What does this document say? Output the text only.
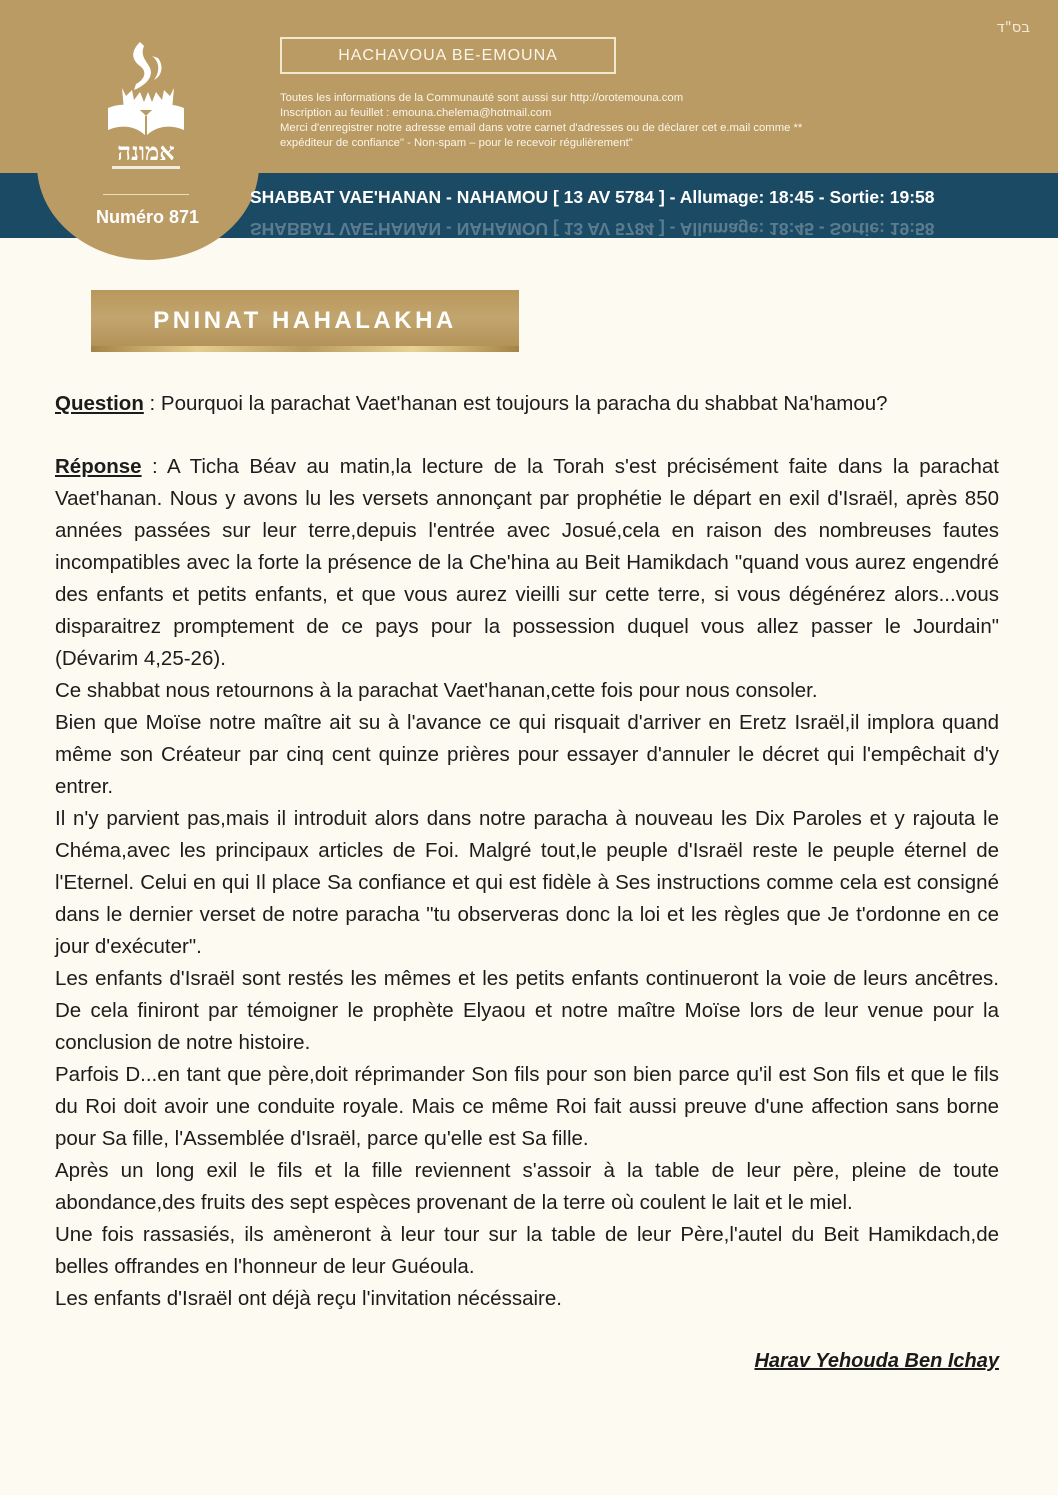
בס"ד
HACHAVOUA BE-EMOUNA
Toutes les informations de la Communauté sont aussi sur http://orotemouna.com
Inscription au feuillet : emouna.chelema@hotmail.com
Merci d'enregistrer notre adresse email dans votre carnet d'adresses ou de déclarer cet e.mail comme **
expéditeur de confiance" - Non-spam – pour le recevoir régulièrement"
אמונה
Numéro 871
SHABBAT VAE'HANAN - NAHAMOU [ 13 AV 5784 ] - Allumage: 18:45 - Sortie: 19:58
SHABBAT VAE'HANAN - NAHAMOU [ 13 AV 5784 ] - Allumage: 18:45 - Sortie: 19:58
PNINAT HAHALAKHA

Question : Pourquoi la parachat Vaet'hanan est toujours la paracha du shabbat Na'hamou?

Réponse : A Ticha Béav au matin,la lecture de la Torah s'est précisément faite dans la parachat Vaet'hanan. Nous y avons lu les versets annonçant par prophétie le départ en exil d'Israël, après 850 années passées sur leur terre,depuis l'entrée avec Josué,cela en raison des nombreuses fautes incompatibles avec la forte la présence de la Che'hina au Beit Hamikdach "quand vous aurez engendré des enfants et petits enfants, et que vous aurez vieilli sur cette terre, si vous dégénérez alors...vous disparaitrez promptement de ce pays pour la possession duquel vous allez passer le Jourdain" (Dévarim 4,25-26).

Ce shabbat nous retournons à la parachat Vaet'hanan,cette fois pour nous consoler.

Bien que Moïse notre maître ait su à l'avance ce qui risquait d'arriver en Eretz Israël,il implora quand même son Créateur par cinq cent quinze prières pour essayer d'annuler le décret qui l'empêchait d'y entrer.

Il n'y parvient pas,mais il introduit alors dans notre paracha à nouveau les Dix Paroles et y rajouta le Chéma,avec les principaux articles de Foi. Malgré tout,le peuple d'Israël reste le peuple éternel de l'Eternel. Celui en qui Il place Sa confiance et qui est fidèle à Ses instructions comme cela est consigné dans le dernier verset de notre paracha "tu observeras donc la loi et les règles que Je t'ordonne en ce jour d'exécuter".

Les enfants d'Israël sont restés les mêmes et les petits enfants continueront la voie de leurs ancêtres. De cela finiront par témoigner le prophète Elyaou et notre maître Moïse lors de leur venue pour la conclusion de notre histoire.

Parfois D...en tant que père,doit réprimander Son fils pour son bien parce qu'il est Son fils et que le fils du Roi doit avoir une conduite royale. Mais ce même Roi fait aussi preuve d'une affection sans borne pour Sa fille, l'Assemblée d'Israël, parce qu'elle est Sa fille.

Après un long exil le fils et la fille reviennent s'assoir à la table de leur père, pleine de toute abondance,des fruits des sept espèces provenant de la terre où coulent le lait et le miel.

Une fois rassasiés, ils amèneront à leur tour sur la table de leur Père,l'autel du Beit Hamikdach,de belles offrandes en l'honneur de leur Guéoula.

Les enfants d'Israël ont déjà reçu l'invitation nécéssaire.

Harav Yehouda Ben Ichay
